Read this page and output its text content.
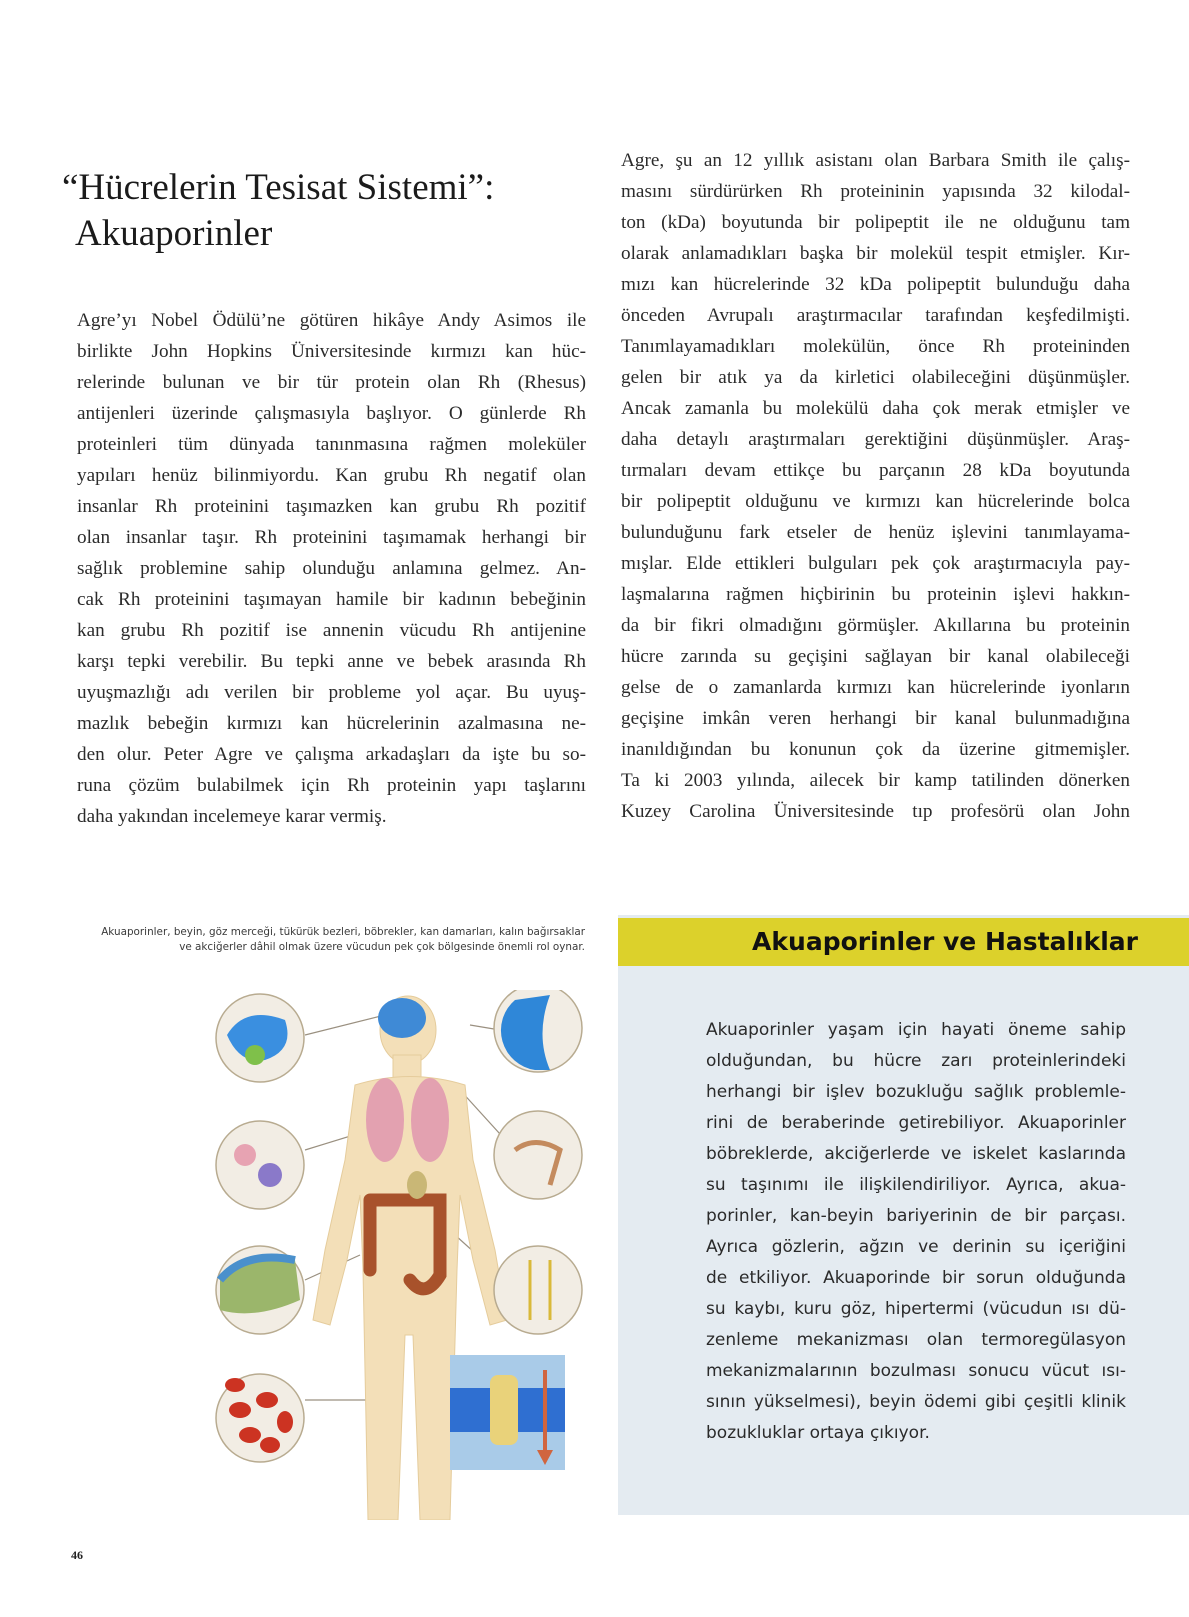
“Hücrelerin Tesisat Sistemi”:
Akuaporinler
Agre’yı Nobel Ödülü’ne götüren hikâye Andy Asimos ile
birlikte John Hopkins Üniversitesinde kırmızı kan hüc-
relerinde bulunan ve bir tür protein olan Rh (Rhesus)
antijenleri üzerinde çalışmasıyla başlıyor. O günlerde Rh
proteinleri tüm dünyada tanınmasına rağmen moleküler
yapıları henüz bilinmiyordu. Kan grubu Rh negatif olan
insanlar Rh proteinini taşımazken kan grubu Rh pozitif
olan insanlar taşır. Rh proteinini taşımamak herhangi bir
sağlık problemine sahip olunduğu anlamına gelmez. An-
cak Rh proteinini taşımayan hamile bir kadının bebeğinin
kan grubu Rh pozitif ise annenin vücudu Rh antijenine
karşı tepki verebilir. Bu tepki anne ve bebek arasında Rh
uyuşmazlığı adı verilen bir probleme yol açar. Bu uyuş-
mazlık bebeğin kırmızı kan hücrelerinin azalmasına ne-
den olur. Peter Agre ve çalışma arkadaşları da işte bu so-
runa çözüm bulabilmek için Rh proteinin yapı taşlarını
daha yakından incelemeye karar vermiş.
Agre, şu an 12 yıllık asistanı olan Barbara Smith ile çalış-
masını sürdürürken Rh proteininin yapısında 32 kilodal-
ton (kDa) boyutunda bir polipeptit ile ne olduğunu tam
olarak anlamadıkları başka bir molekül tespit etmişler. Kır-
mızı kan hücrelerinde 32 kDa polipeptit bulunduğu daha
önceden Avrupalı araştırmacılar tarafından keşfedilmişti.
Tanımlayamadıkları molekülün, önce Rh proteininden
gelen bir atık ya da kirletici olabileceğini düşünmüşler.
Ancak zamanla bu molekülü daha çok merak etmişler ve
daha detaylı araştırmaları gerektiğini düşünmüşler. Araş-
tırmaları devam ettikçe bu parçanın 28 kDa boyutunda
bir polipeptit olduğunu ve kırmızı kan hücrelerinde bolca
bulunduğunu fark etseler de henüz işlevini tanımlayama-
mışlar. Elde ettikleri bulguları pek çok araştırmacıyla pay-
laşmalarına rağmen hiçbirinin bu proteinin işlevi hakkın-
da bir fikri olmadığını görmüşler. Akıllarına bu proteinin
hücre zarında su geçişini sağlayan bir kanal olabileceği
gelse de o zamanlarda kırmızı kan hücrelerinde iyonların
geçişine imkân veren herhangi bir kanal bulunmadığına
inanıldığından bu konunun çok da üzerine gitmemişler.
Ta ki 2003 yılında, ailecek bir kamp tatilinden dönerken
Kuzey Carolina Üniversitesinde tıp profesörü olan John
Akuaporinler, beyin, göz merceği, tükürük bezleri, böbrekler, kan damarları, kalın bağırsaklar
ve akciğerler dâhil olmak üzere vücudun pek çok bölgesinde önemli rol oynar.	Akuaporinler ve Hastalıklar
Akuaporinler yaşam için hayati öneme sahip
olduğundan, bu hücre zarı proteinlerindeki
herhangi bir işlev bozukluğu sağlık problemle-
rini de beraberinde getirebiliyor. Akuaporinler
böbreklerde, akciğerlerde ve iskelet kaslarında
su taşınımı ile ilişkilendiriliyor. Ayrıca, akua-
porinler, kan-beyin bariyerinin de bir parçası.
Ayrıca gözlerin, ağzın ve derinin su içeriğini
de etkiliyor. Akuaporinde bir sorun olduğunda
su kaybı, kuru göz, hipertermi (vücudun ısı dü-
zenleme mekanizması olan termoregülasyon
mekanizmalarının bozulması sonucu vücut ısı-
sının yükselmesi), beyin ödemi gibi çeşitli klinik
bozukluklar ortaya çıkıyor.
46
